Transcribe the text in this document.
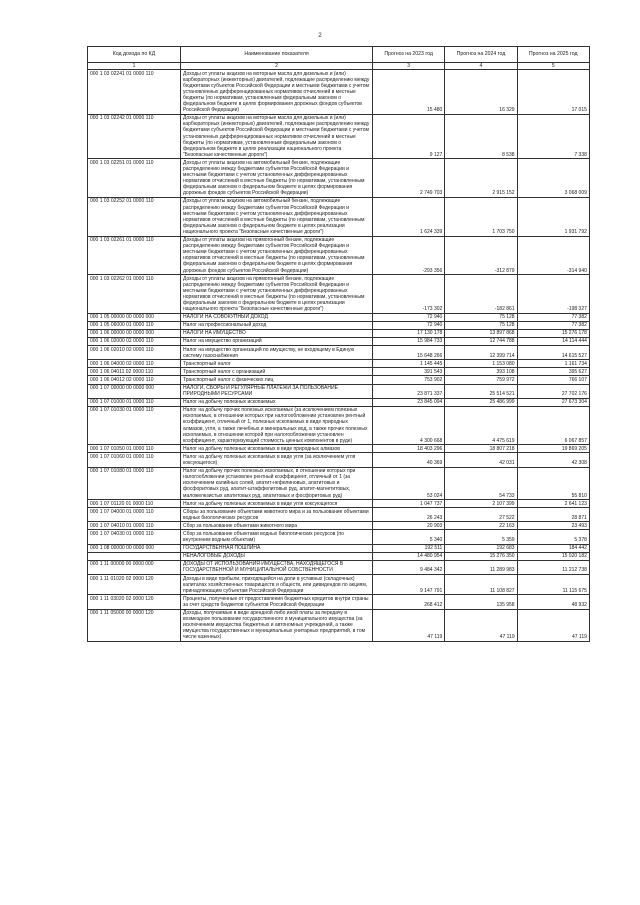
2
Код дохода по КД	Наименование показателя	Прогноз на 2023 год	Прогноз на 2024 год	Прогноз на 2025 год
1	2	3	4	5
000 1 03 02241 01 0000 110	Доходы от уплаты акцизов на моторные масла для дизельных и (или) карбюраторных (инжекторных) двигателей, подлежащие распределению между бюджетами субъектов Российской Федерации и местными бюджетами с учетом установленных дифференцированных нормативов отчислений в местные бюджеты (по нормативам, установленным федеральным законом о федеральном бюджете в целях формирования дорожных фондов субъектов Российской Федерации)	15 480	16 329	17 015
000 1 03 02242 01 0000 110	Доходы от уплаты акцизов на моторные масла для дизельных и (или) карбюраторных (инжекторных) двигателей, подлежащие распределению между бюджетами субъектов Российской Федерации и местными бюджетами с учетом установленных дифференцированных нормативов отчислений в местные бюджеты (по нормативам, установленным федеральным законом о федеральном бюджете в целях реализации национального проекта "Безопасные качественные дороги")	9 127	8 538	7 338
000 1 03 02251 01 0000 110	Доходы от уплаты акцизов на автомобильный бензин, подлежащие распределению между бюджетами субъектов Российской Федерации и местными бюджетами с учетом установленных дифференцированных нормативов отчислений в местные бюджеты (по нормативам, установленным федеральным законом о федеральном бюджете в целях формирования дорожных фондов субъектов Российской Федерации)	2 749 703	2 915 152	3 068 009
000 1 03 02252 01 0000 110	Доходы от уплаты акцизов на автомобильный бензин, подлежащие распределению между бюджетами субъектов Российской Федерации и местными бюджетами с учетом установленных дифференцированных нормативов отчислений в местные бюджеты (по нормативам, установленным федеральным законом о федеральном бюджете в целях реализации национального проекта "Безопасные качественные дороги")	1 624 339	1 703 750	1 931 792
000 1 03 02261 01 0000 110	Доходы от уплаты акцизов на прямогонный бензин, подлежащие распределению между бюджетами субъектов Российской Федерации и местными бюджетами с учетом установленных дифференцированных нормативов отчислений в местные бюджеты (по нормативам, установленным федеральным законом о федеральном бюджете в целях формирования дорожных фондов субъектов Российской Федерации)	-293 356	-312 879	-314 940
000 1 03 02262 01 0000 110	Доходы от уплаты акцизов на прямогонный бензин, подлежащие распределению между бюджетами субъектов Российской Федерации и местными бюджетами с учетом установленных дифференцированных нормативов отчислений в местные бюджеты (по нормативам, установленным федеральным законом о федеральном бюджете в целях реализации национального проекта "Безопасные качественные дороги")	-173 302	-182 861	-198 327
000 1 05 00000 00 0000 000	НАЛОГИ НА СОВОКУПНЫЙ ДОХОД	72 940	75 128	77 382
000 1 05 06000 01 0000 110	Налог на профессиональный доход	72 940	75 128	77 382
000 1 06 00000 00 0000 000	НАЛОГИ НА ИМУЩЕСТВО	17 130 178	13 897 868	15 276 178
000 1 06 02000 02 0000 110	Налог на имущество организаций	15 984 733	12 744 788	14 114 444
000 1 06 02010 02 0000 110	Налог на имущество организаций по имуществу, не входящему в Единую систему газоснабжения	15 648 266	12 399 714	14 615 527
000 1 06 04000 02 0000 110	Транспортный налог	1 145 445	1 153 080	1 161 734
000 1 06 04011 02 0000 110	Транспортный налог с организаций	391 543	393 108	395 627
000 1 06 04012 02 0000 110	Транспортный налог с физических лиц	753 902	759 972	766 107
000 1 07 00000 00 0000 000	НАЛОГИ, СБОРЫ И РЕГУЛЯРНЫЕ ПЛАТЕЖИ ЗА ПОЛЬЗОВАНИЕ ПРИРОДНЫМИ РЕСУРСАМИ	23 871 337	25 514 521	27 702 176
000 1 07 01000 01 0000 110	Налог на добычу полезных ископаемых	23 845 094	25 486 999	27 673 304
000 1 07 01030 01 0000 110	Налог на добычу прочих полезных ископаемых (за исключением полезных ископаемых, в отношении которых при налогообложении установлен рентный коэффициент, отличный от 1, полезных ископаемых в виде природных алмазов, угля, а также лечебных и минеральных вод, а также прочих полезных ископаемых, в отношении которой при налогообложении установлен коэффициент, характеризующий стоимость ценных компонентов в руде)	4 300 668	4 475 619	6 067 857
000 1 07 01050 01 0000 110	Налог на добычу полезных ископаемых в виде природных алмазов	18 403 296	18 807 218	19 869 205
000 1 07 01060 01 0000 110	Налог на добычу полезных ископаемых в виде угля (за исключением угля коксующегося)	40 369	42 031	42 308
000 1 07 01080 01 0000 110	Налог на добычу прочих полезных ископаемых, в отношении которых при налогообложении установлен рентный коэффициент, отличный от 1 (за исключением калийных солей, апатит-нефелиновых, апатитовых и фосфоритовых руд, апатит-штаффелитовых руд, апатит-магнетитовых, маложелезистых апатитовых руд, апатитовых и фосфоритовых руд)	53 024	54 733	55 810
000 1 07 01120 01 0000 110	Налог на добычу полезных ископаемых в виде угля коксующегося	1 047 737	2 107 399	2 641 123
000 1 07 04000 01 0000 110	Сборы за пользование объектами животного мира и за пользование объектами водных биологических ресурсов	26 243	27 522	28 871
000 1 07 04010 01 0000 110	Сбор за пользование объектами животного мира	20 903	22 163	23 493
000 1 07 04030 01 0000 110	Сбор за пользование объектами водных биологических ресурсов (по внутренним водным объектам)	5 340	5 359	5 378
000 1 08 00000 00 0000 000	ГОСУДАРСТВЕННАЯ ПОШЛИНА	192 511	192 683	184 442
	НЕНАЛОГОВЫЕ ДОХОДЫ	14 480 954	15 276 350	15 020 182
000 1 11 00000 00 0000 000	ДОХОДЫ ОТ ИСПОЛЬЗОВАНИЯ ИМУЩЕСТВА, НАХОДЯЩЕГОСЯ В ГОСУДАРСТВЕННОЙ И МУНИЦИПАЛЬНОЙ СОБСТВЕННОСТИ	9 484 342	11 289 983	11 212 738
000 1 11 01020 02 0000 120	Доходы в виде прибыли, приходящейся на доли в уставных (складочных) капиталах хозяйственных товариществ и обществ, или дивидендов по акциям, принадлежащим субъектам Российской Федерации	9 147 791	11 108 827	11 115 675
000 1 11 03020 02 0000 120	Проценты, полученные от предоставления бюджетных кредитов внутри страны за счет средств бюджетов субъектов Российской Федерации	268 412	135 958	48 932
000 1 11 05000 00 0000 120	Доходы, получаемые в виде арендной либо иной платы за передачу в возмездное пользование государственного и муниципального имущества (за исключением имущества бюджетных и автономных учреждений, а также имущества государственных и муниципальных унитарных предприятий, в том числе казенных)	47 119	47 119	47 119
